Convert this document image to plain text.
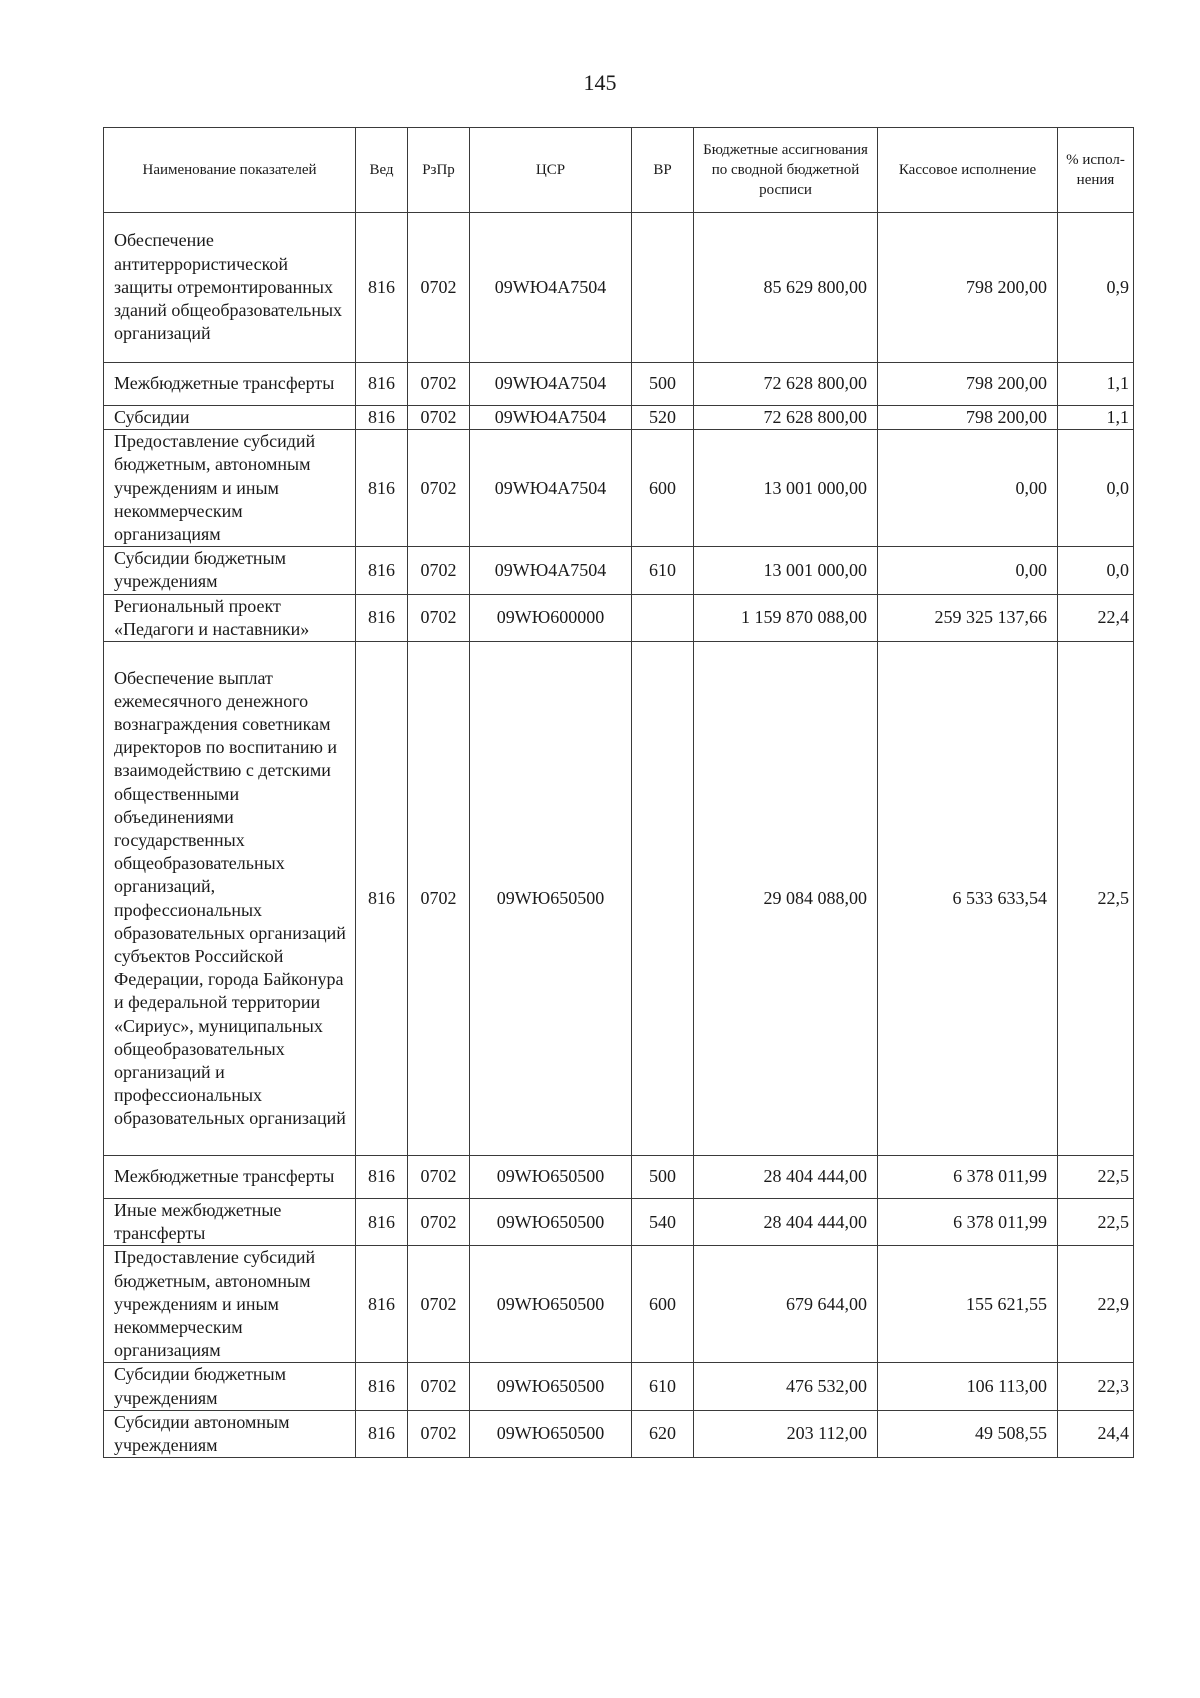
145
Наименование показателей	Вед	РзПр	ЦСР	ВР	Бюджетные ассигнования по сводной бюджетной росписи	Кассовое исполнение	% испол-нения
Обеспечение антитеррористической защиты отремонтированных зданий общеобразовательных организаций	816	0702	09WЮ4А7504		85 629 800,00	798 200,00	0,9
Межбюджетные трансферты	816	0702	09WЮ4А7504	500	72 628 800,00	798 200,00	1,1
Субсидии	816	0702	09WЮ4А7504	520	72 628 800,00	798 200,00	1,1
Предоставление субсидий бюджетным, автономным учреждениям и иным некоммерческим организациям	816	0702	09WЮ4А7504	600	13 001 000,00	0,00	0,0
Субсидии бюджетным учреждениям	816	0702	09WЮ4А7504	610	13 001 000,00	0,00	0,0
Региональный проект «Педагоги и наставники»	816	0702	09WЮ600000		1 159 870 088,00	259 325 137,66	22,4
Обеспечение выплат ежемесячного денежного вознаграждения советникам директоров по воспитанию и взаимодействию с детскими общественными объединениями государственных общеобразовательных организаций, профессиональных образовательных организаций субъектов Российской Федерации, города Байконура и федеральной территории «Сириус», муниципальных общеобразовательных организаций и профессиональных образовательных организаций	816	0702	09WЮ650500		29 084 088,00	6 533 633,54	22,5
Межбюджетные трансферты	816	0702	09WЮ650500	500	28 404 444,00	6 378 011,99	22,5
Иные межбюджетные трансферты	816	0702	09WЮ650500	540	28 404 444,00	6 378 011,99	22,5
Предоставление субсидий бюджетным, автономным учреждениям и иным некоммерческим организациям	816	0702	09WЮ650500	600	679 644,00	155 621,55	22,9
Субсидии бюджетным учреждениям	816	0702	09WЮ650500	610	476 532,00	106 113,00	22,3
Субсидии автономным учреждениям	816	0702	09WЮ650500	620	203 112,00	49 508,55	24,4
